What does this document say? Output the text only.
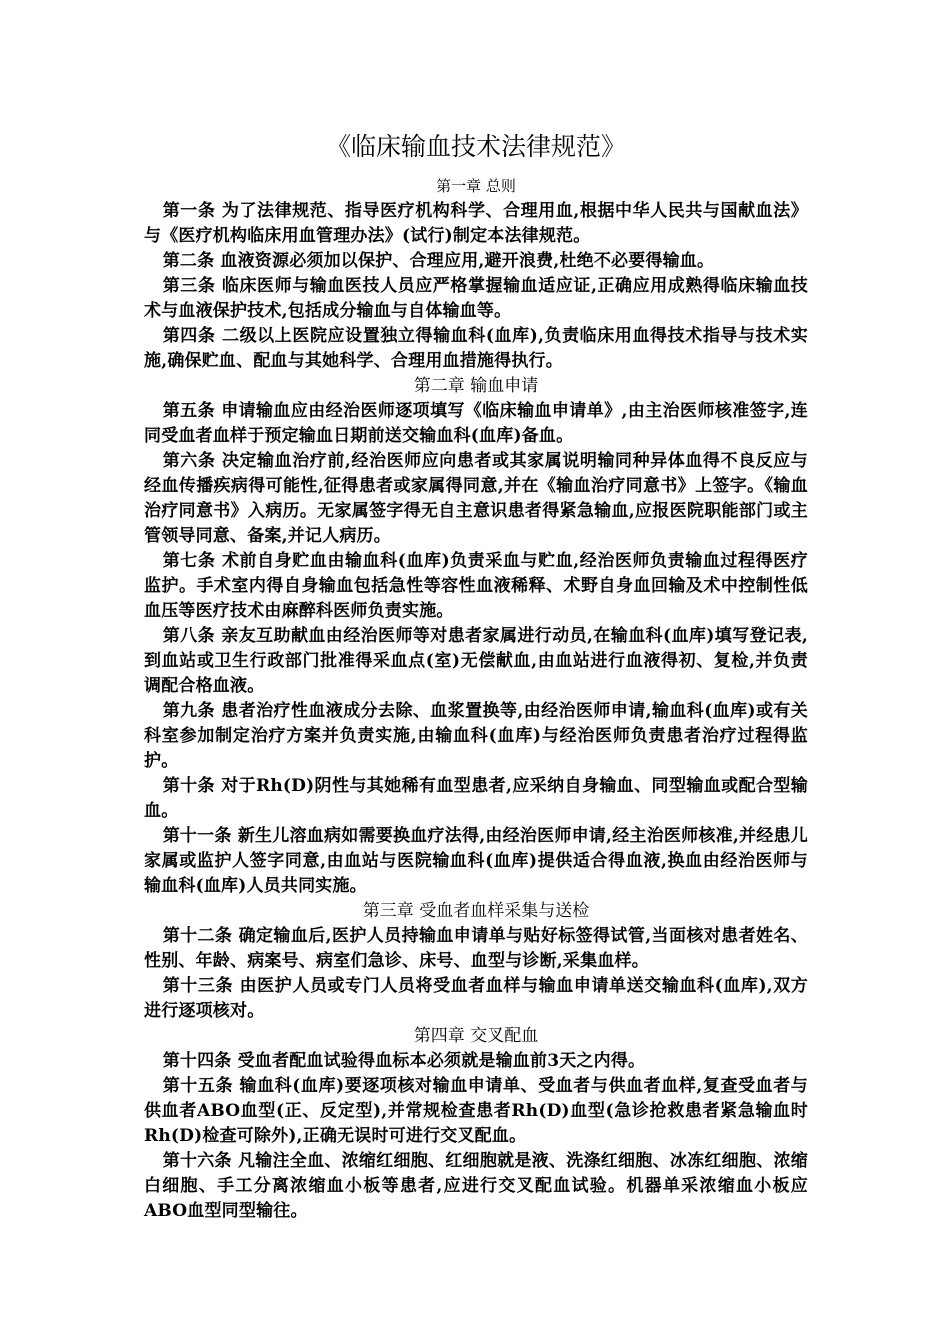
《临床输血技术法律规范》
第一章 总则

第一条 为了法律规范、指导医疗机构科学、合理用血,根据中华人民共与国献血法》与《医疗机构临床用血管理办法》(试行)制定本法律规范。

第二条 血液资源必须加以保护、合理应用,避开浪费,杜绝不必要得输血。

第三条 临床医师与输血医技人员应严格掌握输血适应证,正确应用成熟得临床输血技术与血液保护技术,包括成分输血与自体输血等。

第四条 二级以上医院应设置独立得输血科(血库),负责临床用血得技术指导与技术实施,确保贮血、配血与其她科学、合理用血措施得执行。

第二章 输血申请

第五条 申请输血应由经治医师逐项填写《临床输血申请单》,由主治医师核准签字,连同受血者血样于预定输血日期前送交输血科(血库)备血。

第六条 决定输血治疗前,经治医师应向患者或其家属说明输同种异体血得不良反应与经血传播疾病得可能性,征得患者或家属得同意,并在《输血治疗同意书》上签字。《输血治疗同意书》入病历。无家属签字得无自主意识患者得紧急输血,应报医院职能部门或主管领导同意、备案,并记人病历。

第七条 术前自身贮血由输血科(血库)负责采血与贮血,经治医师负责输血过程得医疗监护。手术室内得自身输血包括急性等容性血液稀释、术野自身血回输及术中控制性低血压等医疗技术由麻醉科医师负责实施。

第八条 亲友互助献血由经治医师等对患者家属进行动员,在输血科(血库)填写登记表,到血站或卫生行政部门批准得采血点(室)无偿献血,由血站进行血液得初、复检,并负责调配合格血液。

第九条 患者治疗性血液成分去除、血浆置换等,由经治医师申请,输血科(血库)或有关科室参加制定治疗方案并负责实施,由输血科(血库)与经治医师负责患者治疗过程得监护。

第十条 对于Rh(D)阴性与其她稀有血型患者,应采纳自身输血、同型输血或配合型输血。

第十一条 新生儿溶血病如需要换血疗法得,由经治医师申请,经主治医师核准,并经患儿家属或监护人签字同意,由血站与医院输血科(血库)提供适合得血液,换血由经治医师与输血科(血库)人员共同实施。

第三章 受血者血样采集与送检

第十二条 确定输血后,医护人员持输血申请单与贴好标签得试管,当面核对患者姓名、性别、年龄、病案号、病室们急诊、床号、血型与诊断,采集血样。

第十三条 由医护人员或专门人员将受血者血样与输血申请单送交输血科(血库),双方进行逐项核对。

第四章 交叉配血

第十四条 受血者配血试验得血标本必须就是输血前3天之内得。

第十五条 输血科(血库)要逐项核对输血申请单、受血者与供血者血样,复查受血者与供血者ABO血型(正、反定型),并常规检查患者Rh(D)血型(急诊抢救患者紧急输血时Rh(D)检查可除外),正确无误时可进行交叉配血。

第十六条 凡输注全血、浓缩红细胞、红细胞就是液、洗涤红细胞、冰冻红细胞、浓缩白细胞、手工分离浓缩血小板等患者,应进行交叉配血试验。机器单采浓缩血小板应ABO血型同型输往。
